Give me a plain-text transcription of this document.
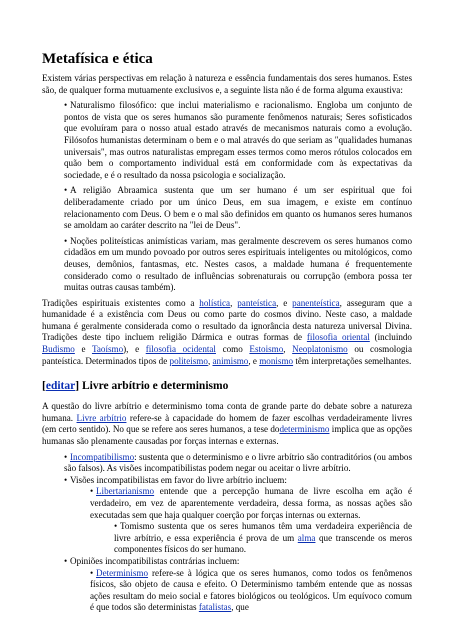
Metafísica e ética

Existem várias perspectivas em relação à natureza e essência fundamentais dos seres humanos. Estes são, de qualquer forma mutuamente exclusivos e, a seguinte lista não é de forma alguma exaustiva:

• Naturalismo filosófico: que inclui materialismo e racionalismo. Engloba um conjunto de pontos de vista que os seres humanos são puramente fenômenos naturais; Seres sofisticados que evoluíram para o nosso atual estado através de mecanismos naturais como a evolução. Filósofos humanistas determinam o bem e o mal através do que seriam as "qualidades humanas universais", mas outros naturalistas empregam esses termos como meros rótulos colocados em quão bem o comportamento individual está em conformidade com às expectativas da sociedade, e é o resultado da nossa psicologia e socialização.
• A religião Abraamica sustenta que um ser humano é um ser espiritual que foi deliberadamente criado por um único Deus, em sua imagem, e existe em contínuo relacionamento com Deus. O bem e o mal são definidos em quanto os humanos seres humanos se amoldam ao caráter descrito na "lei de Deus".
• Noções politeísticas animísticas variam, mas geralmente descrevem os seres humanos como cidadãos em um mundo povoado por outros seres espirituais inteligentes ou mitológicos, como deuses, demônios, fantasmas, etc. Nestes casos, a maldade humana é frequentemente considerado como o resultado de influências sobrenaturais ou corrupção (embora possa ter muitas outras causas também).

Tradições espirituais existentes como a holística, panteística, e panenteística, asseguram que a humanidade é a existência com Deus ou como parte do cosmos divino. Neste caso, a maldade humana é geralmente considerada como o resultado da ignorância desta natureza universal Divina. Tradições deste tipo incluem religião Dármica e outras formas de filosofia oriental (incluindo Budismo e Taoísmo), e filosofia ocidental como Estoismo, Neoplatonismo ou cosmologia panteística. Determinados tipos de politeismo, animismo, e monismo têm interpretações semelhantes.

[editar] Livre arbítrio e determinismo

A questão do livre arbítrio e determinismo toma conta de grande parte do debate sobre a natureza humana. Livre arbítrio refere-se à capacidade do homem de fazer escolhas verdadeiramente livres (em certo sentido). No que se refere aos seres humanos, a tese dodeterminismo implica que as opções humanas são plenamente causadas por forças internas e externas.

• Incompatibilismo: sustenta que o determinismo e o livre arbítrio são contraditórios (ou ambos são falsos). As visões incompatibilistas podem negar ou aceitar o livre arbítrio.
• Visões incompatibilistas em favor do livre arbítrio incluem:
• Libertarianismo entende que a percepção humana de livre escolha em ação é verdadeiro, em vez de aparentemente verdadeira, dessa forma, as nossas ações são executadas sem que haja qualquer coerção por forças internas ou externas.
• Tomismo sustenta que os seres humanos têm uma verdadeira experiência de livre arbítrio, e essa experiência é prova de um alma que transcende os meros componentes físicos do ser humano.
• Opiniões incompatibilistas contrárias incluem:
• Determinismo refere-se à lógica que os seres humanos, como todos os fenômenos físicos, são objeto de causa e efeito. O Determinismo também entende que as nossas ações resultam do meio social e fatores biológicos ou teológicos. Um equívoco comum é que todos são deterministas fatalistas, que
